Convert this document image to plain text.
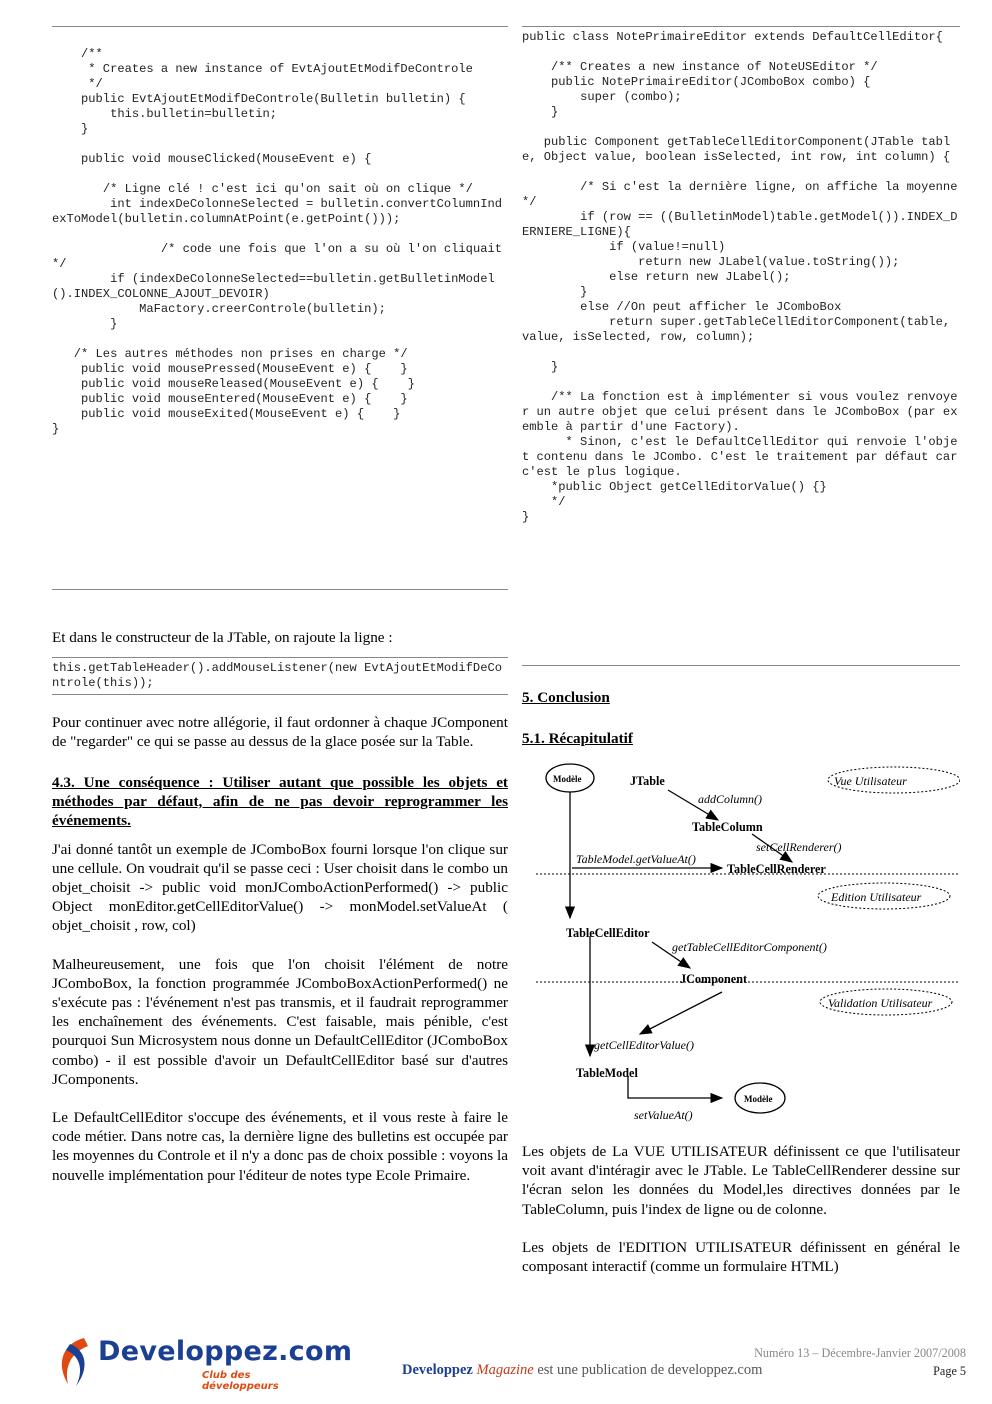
/**
* Creates a new instance of EvtAjoutEtModifDeControle
*/
public EvtAjoutEtModifDeControle(Bulletin bulletin) {
this.bulletin=bulletin;
}

public void mouseClicked(MouseEvent e) {

/* Ligne clé ! c'est ici qu'on sait où on clique */
int indexDeColonneSelected = bulletin.convertColumnIndexToModel(bulletin.columnAtPoint(e.getPoint()));

/* code une fois que l'on a su où l'on cliquait */
if (indexDeColonneSelected==bulletin.getBulletinModel().INDEX_COLONNE_AJOUT_DEVOIR)
MaFactory.creerControle(bulletin);
}

/* Les autres méthodes non prises en charge */
public void mousePressed(MouseEvent e) {    }
public void mouseReleased(MouseEvent e) {    }
public void mouseEntered(MouseEvent e) {    }
public void mouseExited(MouseEvent e) {    }
}

Et dans le constructeur de la JTable, on rajoute la ligne :

this.getTableHeader().addMouseListener(new EvtAjoutEtModifDeControle(this));

Pour continuer avec notre allégorie, il faut ordonner à chaque JComponent de "regarder" ce qui se passe au dessus de la glace posée sur la Table.

4.3. Une conséquence : Utiliser autant que possible les objets et méthodes par défaut, afin de ne pas devoir reprogrammer les événements.

J'ai donné tantôt un exemple de JComboBox fourni lorsque l'on clique sur une cellule. On voudrait qu'il se passe ceci : User choisit dans le combo un objet_choisit -> public void monJComboActionPerformed() -> public Object monEditor.getCellEditorValue() -> monModel.setValueAt ( objet_choisit , row, col)

Malheureusement, une fois que l'on choisit l'élément de notre JComboBox, la fonction programmée JComboBoxActionPerformed() ne s'exécute pas : l'événement n'est pas transmis, et il faudrait reprogrammer les enchaînement des événements. C'est faisable, mais pénible, c'est pourquoi Sun Microsystem nous donne un DefaultCellEditor (JComboBox combo) - il est possible d'avoir un DefaultCellEditor basé sur d'autres JComponents.

Le DefaultCellEditor s'occupe des événements, et il vous reste à faire le code métier. Dans notre cas, la dernière ligne des bulletins est occupée par les moyennes du Controle et il n'y a donc pas de choix possible : voyons la nouvelle implémentation pour l'éditeur de notes type Ecole Primaire.

public class NotePrimaireEditor extends DefaultCellEditor{

/** Creates a new instance of NoteUSEditor */
public NotePrimaireEditor(JComboBox combo) {
super (combo);
}

public Component getTableCellEditorComponent(JTable table, Object value, boolean isSelected, int row, int column) {

/* Si c'est la dernière ligne, on affiche la moyenne */
if (row == ((BulletinModel)table.getModel()).INDEX_DERNIERE_LIGNE){
if (value!=null)
return new JLabel(value.toString());
else return new JLabel();
}
else //On peut afficher le JComboBox
return super.getTableCellEditorComponent(table, value, isSelected, row, column);

}

/** La fonction est à implémenter si vous voulez renvoyer un autre objet que celui présent dans le JComboBox (par exemble à partir d'une Factory).
* Sinon, c'est le DefaultCellEditor qui renvoie l'objet contenu dans le JCombo. C'est le traitement par défaut car c'est le plus logique.
*public Object getCellEditorValue() {}
*/
}
5. Conclusion
5.1. Récapitulatif
Modèle	JTable
addColumn()
Vue Utilisateur
TableColumn
setCellRenderer()
TableModel.getValueAt()
TableCellRenderer
Edition Utilisateur
TableCellEditor
getTableCellEditorComponent()
JComponent
Validation Utilisateur
getCellEditorValue()
TableModel
Modèle
setValueAt()

Les objets de La VUE UTILISATEUR définissent ce que l'utilisateur voit avant d'intéragir avec le JTable. Le TableCellRenderer dessine sur l'écran selon les données du Model,les directives données par le TableColumn, puis l'index de ligne ou de colonne.

Les objets de l'EDITION UTILISATEUR définissent en général le composant interactif (comme un formulaire HTML)

Developpez.com
Club des développeurs
Numéro 13 – Décembre-Janvier 2007/2008
Developpez Magazine est une publication de developpez.com	Page 5
